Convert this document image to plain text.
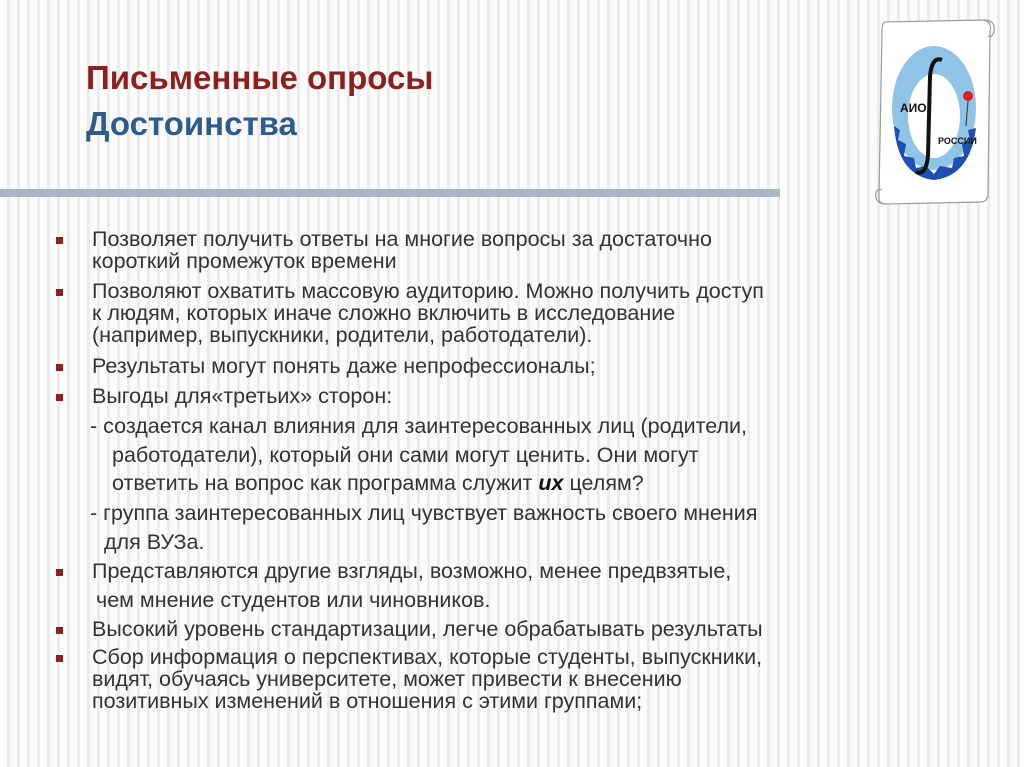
Письменные опросы
Достоинства	АИО
РОССИИ
Позволяет получить ответы на многие вопросы за достаточно
короткий промежуток времени
Позволяют охватить массовую аудиторию. Можно получить доступ
к людям, которых иначе сложно включить в исследование
(например, выпускники, родители, работодатели).
Результаты могут понять даже непрофессионалы;
Выгоды для«третьих» сторон:
- создается канал влияния для заинтересованных лиц (родители,
работодатели), который они сами могут ценить. Они могут
ответить на вопрос как программа служит их целям?
- группа заинтересованных лиц чувствует важность своего мнения
для ВУЗа.
Представляются другие взгляды, возможно, менее предвзятые,
чем мнение студентов или чиновников.
Высокий уровень стандартизации, легче обрабатывать результаты
Сбор информация о перспективах, которые студенты, выпускники,
видят, обучаясь университете, может привести к внесению
позитивных изменений в отношения с этими группами;
